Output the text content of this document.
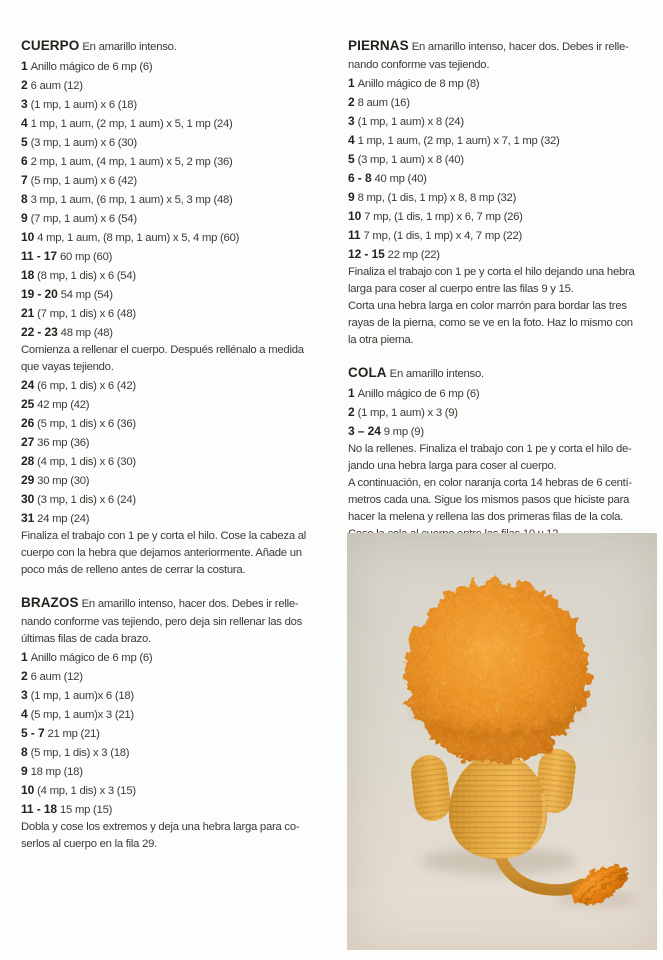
CUERPO En amarillo intenso.
1 Anillo mágico de 6 mp (6)
2 6 aum (12)
3 (1 mp, 1 aum) x 6 (18)
4 1 mp, 1 aum, (2 mp, 1 aum) x 5, 1 mp (24)
5 (3 mp, 1 aum) x 6 (30)
6 2 mp, 1 aum, (4 mp, 1 aum) x 5, 2 mp (36)
7 (5 mp, 1 aum) x 6 (42)
8 3 mp, 1 aum, (6 mp, 1 aum) x 5, 3 mp (48)
9 (7 mp, 1 aum) x 6 (54)
10 4 mp, 1 aum, (8 mp, 1 aum) x 5, 4 mp (60)
11 - 17 60 mp (60)
18 (8 mp, 1 dis) x 6 (54)
19 - 20 54 mp (54)
21 (7 mp, 1 dis) x 6 (48)
22 - 23 48 mp (48)
Comienza a rellenar el cuerpo. Después rellénalo a medida
que vayas tejiendo.
24 (6 mp, 1 dis) x 6 (42)
25 42 mp (42)
26 (5 mp, 1 dis) x 6 (36)
27 36 mp (36)
28 (4 mp, 1 dis) x 6 (30)
29 30 mp (30)
30 (3 mp, 1 dis) x 6 (24)
31 24 mp (24)
Finaliza el trabajo con 1 pe y corta el hilo. Cose la cabeza al
cuerpo con la hebra que dejamos anteriormente. Añade un
poco más de relleno antes de cerrar la costura.
BRAZOS En amarillo intenso, hacer dos. Debes ir relle-
nando conforme vas tejiendo, pero deja sin rellenar las dos
últimas filas de cada brazo.
1 Anillo mágico de 6 mp (6)
2 6 aum (12)
3 (1 mp, 1 aum)x 6 (18)
4 (5 mp, 1 aum)x 3 (21)
5 - 7 21 mp (21)
8 (5 mp, 1 dis) x 3 (18)
9 18 mp (18)
10 (4 mp, 1 dis) x 3 (15)
11 - 18 15 mp (15)
Dobla y cose los extremos y deja una hebra larga para co-
serlos al cuerpo en la fila 29.
PIERNAS En amarillo intenso, hacer dos. Debes ir relle-
nando conforme vas tejiendo.
1 Anillo mágico de 8 mp (8)
2 8 aum (16)
3 (1 mp, 1 aum) x 8 (24)
4 1 mp, 1 aum, (2 mp, 1 aum) x 7, 1 mp (32)
5 (3 mp, 1 aum) x 8 (40)
6 - 8 40 mp (40)
9 8 mp, (1 dis, 1 mp) x 8, 8 mp (32)
10 7 mp, (1 dis, 1 mp) x 6, 7 mp (26)
11 7 mp, (1 dis, 1 mp) x 4, 7 mp (22)
12 - 15 22 mp (22)
Finaliza el trabajo con 1 pe y corta el hilo dejando una hebra
larga para coser al cuerpo entre las filas 9 y 15.
Corta una hebra larga en color marrón para bordar las tres
rayas de la pierna, como se ve en la foto. Haz lo mismo con
la otra pierna.
COLA En amarillo intenso.
1 Anillo mágico de 6 mp (6)
2 (1 mp, 1 aum) x 3 (9)
3 – 24 9 mp (9)
No la rellenes. Finaliza el trabajo con 1 pe y corta el hilo de-
jando una hebra larga para coser al cuerpo.
A continuación, en color naranja corta 14 hebras de 6 centí-
metros cada una. Sigue los mismos pasos que hiciste para
hacer la melena y rellena las dos primeras filas de la cola.
